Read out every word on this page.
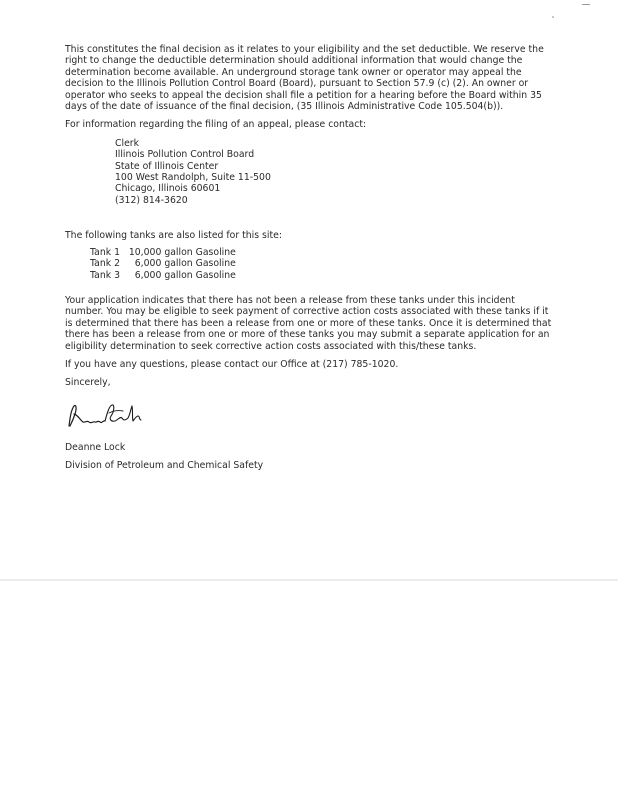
This constitutes the final decision as it relates to your eligibility and the set deductible. We reserve the right to change the deductible determination should additional information that would change the determination become available. An underground storage tank owner or operator may appeal the decision to the Illinois Pollution Control Board (Board), pursuant to Section 57.9 (c) (2). An owner or operator who seeks to appeal the decision shall file a petition for a hearing before the Board within 35 days of the date of issuance of the final decision, (35 Illinois Administrative Code 105.504(b)).

For information regarding the filing of an appeal, please contact:

Clerk
Illinois Pollution Control Board
State of Illinois Center
100 West Randolph, Suite 11-500
Chicago, Illinois 60601
(312) 814-3620

The following tanks are also listed for this site:

Tank 1   10,000 gallon Gasoline
Tank 2     6,000 gallon Gasoline
Tank 3     6,000 gallon Gasoline

Your application indicates that there has not been a release from these tanks under this incident number. You may be eligible to seek payment of corrective action costs associated with these tanks if it is determined that there has been a release from one or more of these tanks. Once it is determined that there has been a release from one or more of these tanks you may submit a separate application for an eligibility determination to seek corrective action costs associated with this/these tanks.

If you have any questions, please contact our Office at (217) 785-1020.

Sincerely,

Deanne Lock

Division of Petroleum and Chemical Safety
